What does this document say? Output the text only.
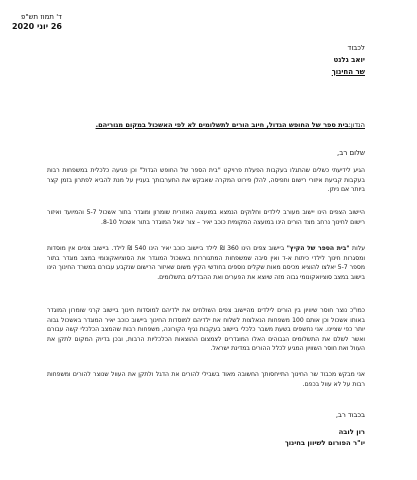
ד' תמוז תש"פ
26 יוני 2020
לכבוד
יואב גלנט
שר החינוך
הנדון:בית ספר של החופש הגדול, חיוב הורים לתשלומים לא לפי האשכול במקום מגוריהם.
שלום רב,
הגיע לידיעתי כשלים שהתגלו בעקבות הפעלת פרויקט "בית הספר של החופש הגדול" וכן פגיעה כלכלית במשפחות רבות בעקבות קביעת איזורי רישום ותפיסה, להלן פירוט המקרה שאבקש את התערבותך בעניין על מנת להביא לפתרון בזמן קצר ביותר אם ניתן.
היישוב הצפים הינו יישוב מעורב לילדים וחלוקים הנמצא במועצה האזורית שומרון ומוגדר בתור אשכול 5-7 והמיועד ואיזור רישום לחינוך נרחב מצד הורים הינו במועצה המקומית כוכב יאיר – צור יגאל המוגדר בתור אשכול 8-10.
עלות "בית הספר של הקיץ" ביישוב צפים הינו 360 ₪ לילד ביישוב כוכב יאיר הינו 540 ₪ לילד. ביישוב צפים אין מוסדות ומסגרות חינוך לילדי כיתות א-ד ואין סיבה שמשפחות המתגוררות באשכול המוגדר את הסוציואקונומי במצב מוגדר בתור מספר 5-7 יאלצו להוציא מכיסם מאות שקלים נוספים בחודשי הקיץ משום שאיזור הרישום שנקבע עבורם במשרד החינוך הינו בישוב במצב סוציואקונומי גבוה מזה שיוצא את הפערים ואת ההבדלים בתשלומים.
כמו"כ נוצר חוסר שיוויון בין הורים לילדים מהיישוב צפים השולחים את ילדיהם למוסדות חינוך ביישוב קרני שומרון המוגדר באותו אשכול וכן אותם 100 משפחות הנאלצות לשלוח את ילדיהם למוסדות החינוך ביישוב כוכב יאיר המוגדר באשכול גבוה יותר כפי שציינו. אני נחשפים בשעת משבר כלכלי ביישוב בעקבות נגיף הקורונה, משפחות רבות שהמצב הכלכלי קשה עבורם ואשר לשלם את התשלומים הגבוהים האלו המוגדרים לצמצום ההוצאות הכלכליות הרבות, ובכן בדיוק המקום לתקן את העוול ואת חוסר השוויון המגיע לכלל ההורים במדינת ישראל.
אני מבקש מכבוד שר החינוך התייחסותך החשובה מאוד בשבילי להורים את הדגל ולתקן את העוול שנוצר להורים ומשפחות רבות על לא עוול בכפם.
בכבוד רב,
רון לובה
יו"ר הפורום לשיוון בחינוך
